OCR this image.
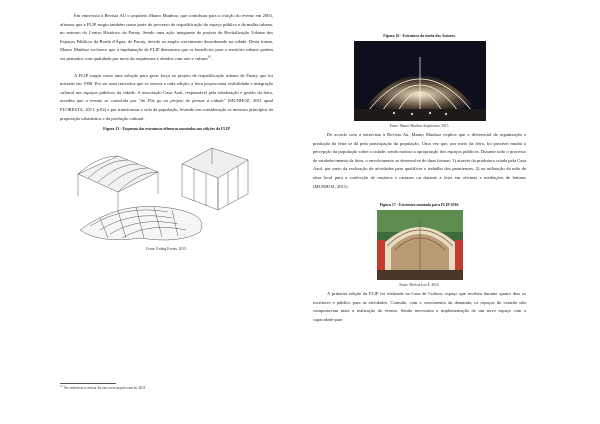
Em entrevista à Revista AU o arquiteto Mauro Munhoz, que contribuiu para a criação do evento em 2003, afirmou que a FLIP surgiu também como parte do processo de requalificação do espaço público e da malha urbana, no entorno do Centro Histórico de Paraty. Sendo uma ação integrante do projeto de Revitalização Urbana dos Espaços Públicos da Borda d'Água, de Paraty, devido ao amplo crescimento desordenado na cidade. Desta forma, Mauro Munhoz esclarece que a implantação da FLIP demonstra que os benefícios para o território urbano podem ser pensados com qualidade por meio da arquitetura e obtidos com arte e cultura$^{10}$.

A FLIP surgiu como uma solução para gerar força ao projeto de requalificação urbana de Paraty que foi iniciado em 1990. Por ser uma iniciativa que se renova a cada edição, a feira proporciona visibilidade e integração cultural aos espaços públicos da cidade. A associação Casa Azul, responsável pela idealização e gestão da feira, acredita que o evento se consolida por "do Fliz go ao projeto de pensar a cidade" (MUNHOZ, 2011 apud FLORESTA, 2011, p.02) e por transformar a vida da população, levando em consideração os mesmos princípios da proposição urbanística e da produção cultural.

Figura 13 - Esquema das estruturas efêmeras montadas nas edições da FLIP
Fonte: Fading Events, 2015.
$^{10}$ Ver entrevista à revista Au em www.au.pini.com.br, 2011.
Figura 16 - Estrutura da tenda dos Autores.
Fonte: Mauro Munhoz Arquitetura, 2015.

De acordo com a entrevista à Revista Au, Mauro Munhoz explica que o diferencial da organização e produção da feira se dá pela participação da população. Uma vez que, por meio da feira, foi possível mudar a percepção da população sobre a cidade, sendo notória a apropriação dos espaços públicos. Durante todo o processo de estabelecimento da feira, o envolvimento se desenvolve de duas formas: 1) através da produtora criada pela Casa Azul, por meio da realização de atividades para qualificar o trabalho dos paratienses; 2) na utilização da mão de obra local para a confecção de cenários e cartazes ou durante a feira em oficinas e mediações de leituras (MUNHOZ, 2011).

Figura 17 - Estrutura montada para FLIP 2016.
Fonte: Revista Isto É, 2016.

A primeira edição da FLIP foi realizada na Casa de Cultura, espaço que recebeu durante quatro dias os escritores e público para as atividades. Contudo, com o crescimento da demanda, os espaços do casarão não comportavam mais a realização do evento. Sendo necessária a implementação de um novo espaço com a capacidade para
